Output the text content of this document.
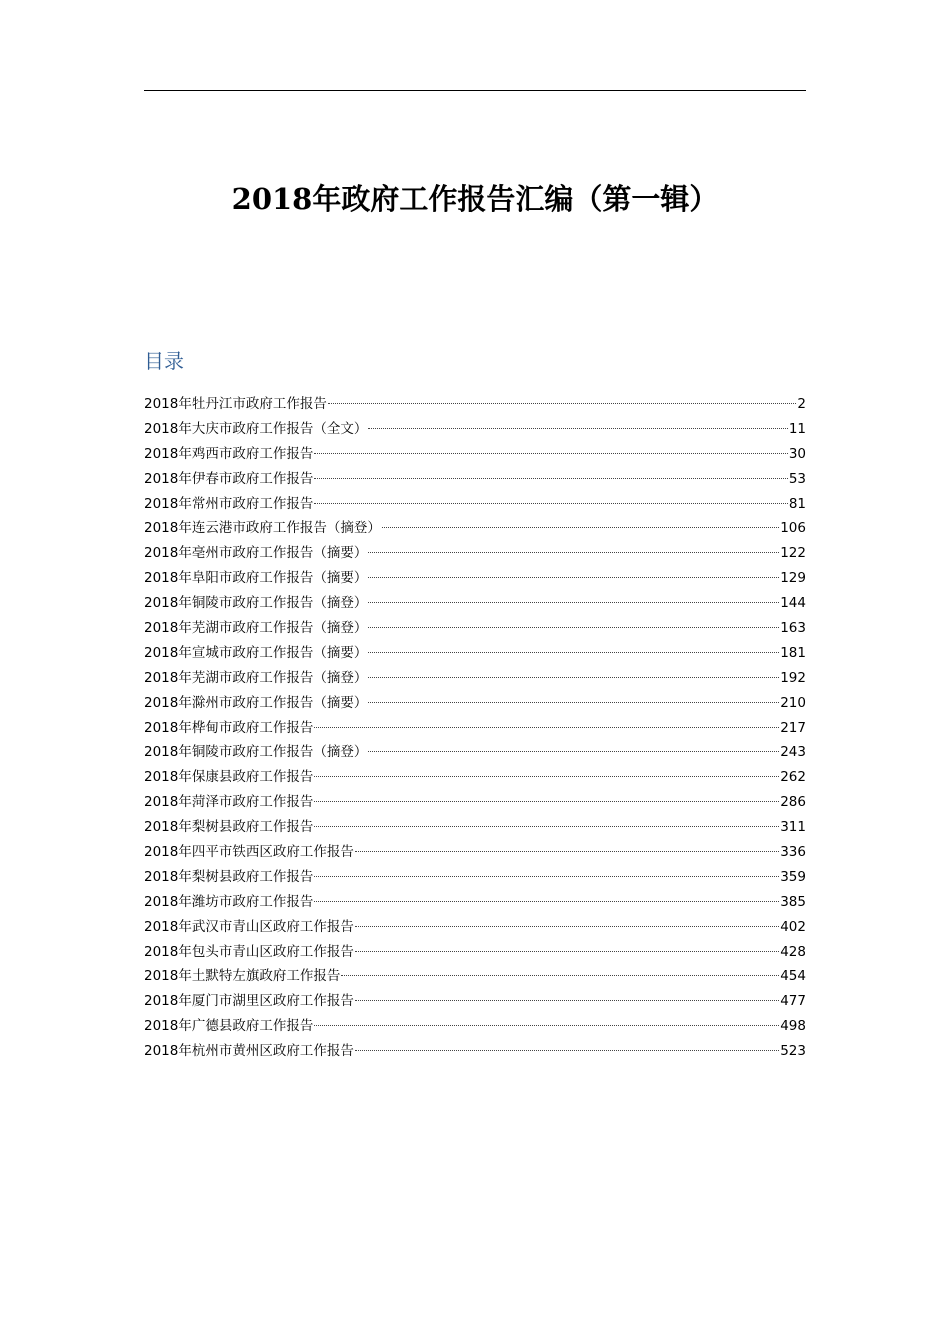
2018年政府工作报告汇编（第一辑）
目录
2018年牡丹江市政府工作报告	2
2018年大庆市政府工作报告（全文）	11
2018年鸡西市政府工作报告	30
2018年伊春市政府工作报告	53
2018年常州市政府工作报告	81
2018年连云港市政府工作报告（摘登）	106
2018年亳州市政府工作报告（摘要）	122
2018年阜阳市政府工作报告（摘要）	129
2018年铜陵市政府工作报告（摘登）	144
2018年芜湖市政府工作报告（摘登）	163
2018年宣城市政府工作报告（摘要）	181
2018年芜湖市政府工作报告（摘登）	192
2018年滁州市政府工作报告（摘要）	210
2018年桦甸市政府工作报告	217
2018年铜陵市政府工作报告（摘登）	243
2018年保康县政府工作报告	262
2018年菏泽市政府工作报告	286
2018年梨树县政府工作报告	311
2018年四平市铁西区政府工作报告	336
2018年梨树县政府工作报告	359
2018年潍坊市政府工作报告	385
2018年武汉市青山区政府工作报告	402
2018年包头市青山区政府工作报告	428
2018年土默特左旗政府工作报告	454
2018年厦门市湖里区政府工作报告	477
2018年广德县政府工作报告	498
2018年杭州市黄州区政府工作报告	523
